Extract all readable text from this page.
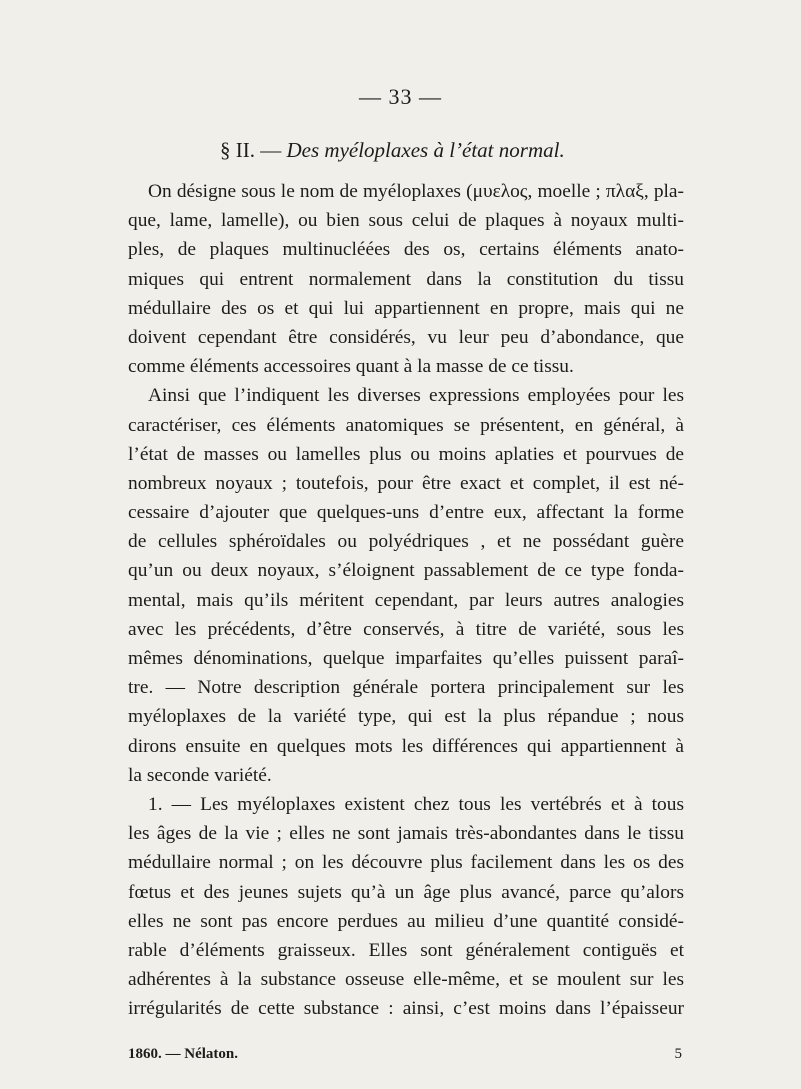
— 33 —
§ II. — Des myéloplaxes à l’état normal.
On désigne sous le nom de myéloplaxes (μυελος, moelle ; πλαξ, pla-
que, lame, lamelle), ou bien sous celui de plaques à noyaux multi-
ples, de plaques multinucléées des os, certains éléments anato-
miques qui entrent normalement dans la constitution du tissu
médullaire des os et qui lui appartiennent en propre, mais qui ne
doivent cependant être considérés, vu leur peu d’abondance, que
comme éléments accessoires quant à la masse de ce tissu.
Ainsi que l’indiquent les diverses expressions employées pour les
caractériser, ces éléments anatomiques se présentent, en général, à
l’état de masses ou lamelles plus ou moins aplaties et pourvues de
nombreux noyaux ; toutefois, pour être exact et complet, il est né-
cessaire d’ajouter que quelques-uns d’entre eux, affectant la forme
de cellules sphéroïdales ou polyédriques , et ne possédant guère
qu’un ou deux noyaux, s’éloignent passablement de ce type fonda-
mental, mais qu’ils méritent cependant, par leurs autres analogies
avec les précédents, d’être conservés, à titre de variété, sous les
mêmes dénominations, quelque imparfaites qu’elles puissent paraî-
tre. — Notre description générale portera principalement sur les
myéloplaxes de la variété type, qui est la plus répandue ; nous
dirons ensuite en quelques mots les différences qui appartiennent à
la seconde variété.
1. — Les myéloplaxes existent chez tous les vertébrés et à tous
les âges de la vie ; elles ne sont jamais très-abondantes dans le tissu
médullaire normal ; on les découvre plus facilement dans les os des
fœtus et des jeunes sujets qu’à un âge plus avancé, parce qu’alors
elles ne sont pas encore perdues au milieu d’une quantité considé-
rable d’éléments graisseux. Elles sont généralement contiguës et
adhérentes à la substance osseuse elle-même, et se moulent sur les
irrégularités de cette substance : ainsi, c’est moins dans l’épaisseur
1860. — Nélaton.	5
